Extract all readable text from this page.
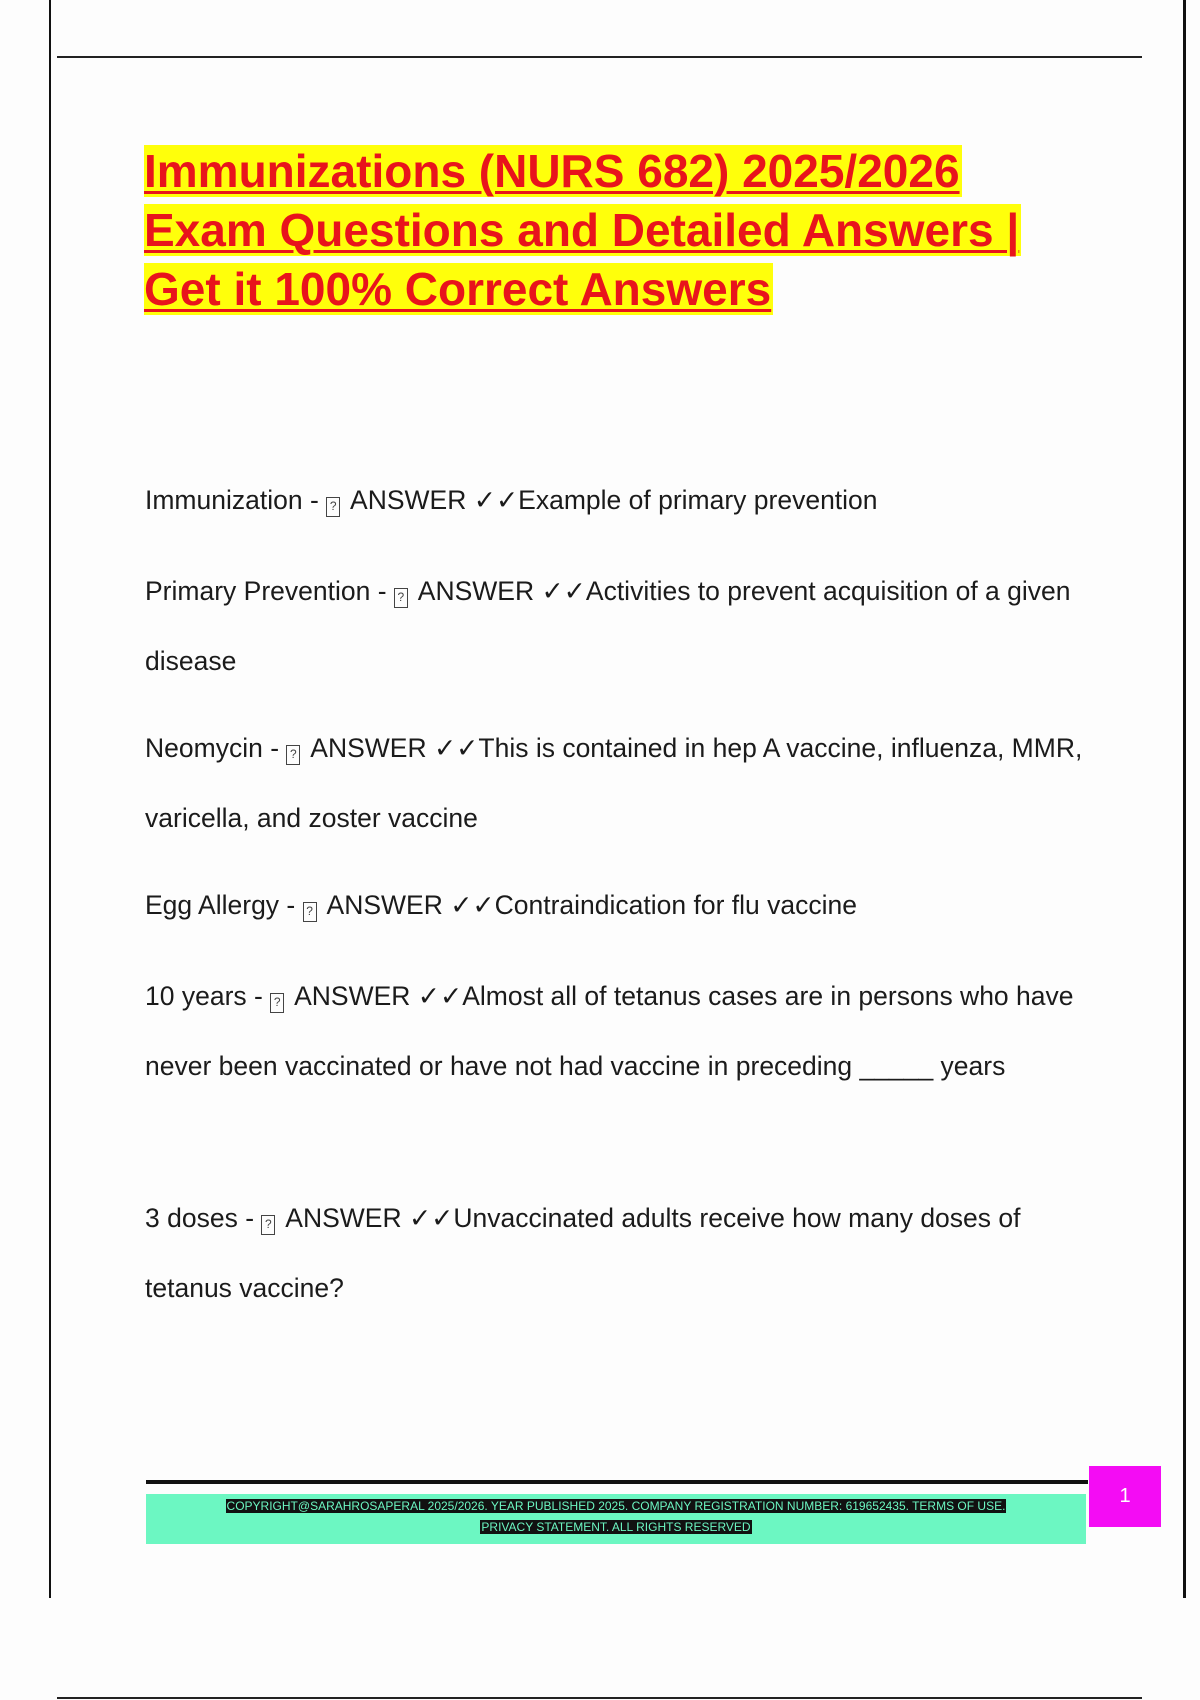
Immunizations (NURS 682) 2025/2026
Exam Questions and Detailed Answers |
Get it 100% Correct Answers
Immunization - ? ANSWER ✓✓Example of primary prevention
Primary Prevention - ? ANSWER ✓✓Activities to prevent acquisition of a given disease
Neomycin - ? ANSWER ✓✓This is contained in hep A vaccine, influenza, MMR, varicella, and zoster vaccine
Egg Allergy - ? ANSWER ✓✓Contraindication for flu vaccine
10 years - ? ANSWER ✓✓Almost all of tetanus cases are in persons who have never been vaccinated or have not had vaccine in preceding _____ years
3 doses - ? ANSWER ✓✓Unvaccinated adults receive how many doses of tetanus vaccine?
COPYRIGHT@SARAHROSAPERAL 2025/2026. YEAR PUBLISHED 2025. COMPANY REGISTRATION NUMBER: 619652435. TERMS OF USE.
PRIVACY STATEMENT. ALL RIGHTS RESERVED
1
